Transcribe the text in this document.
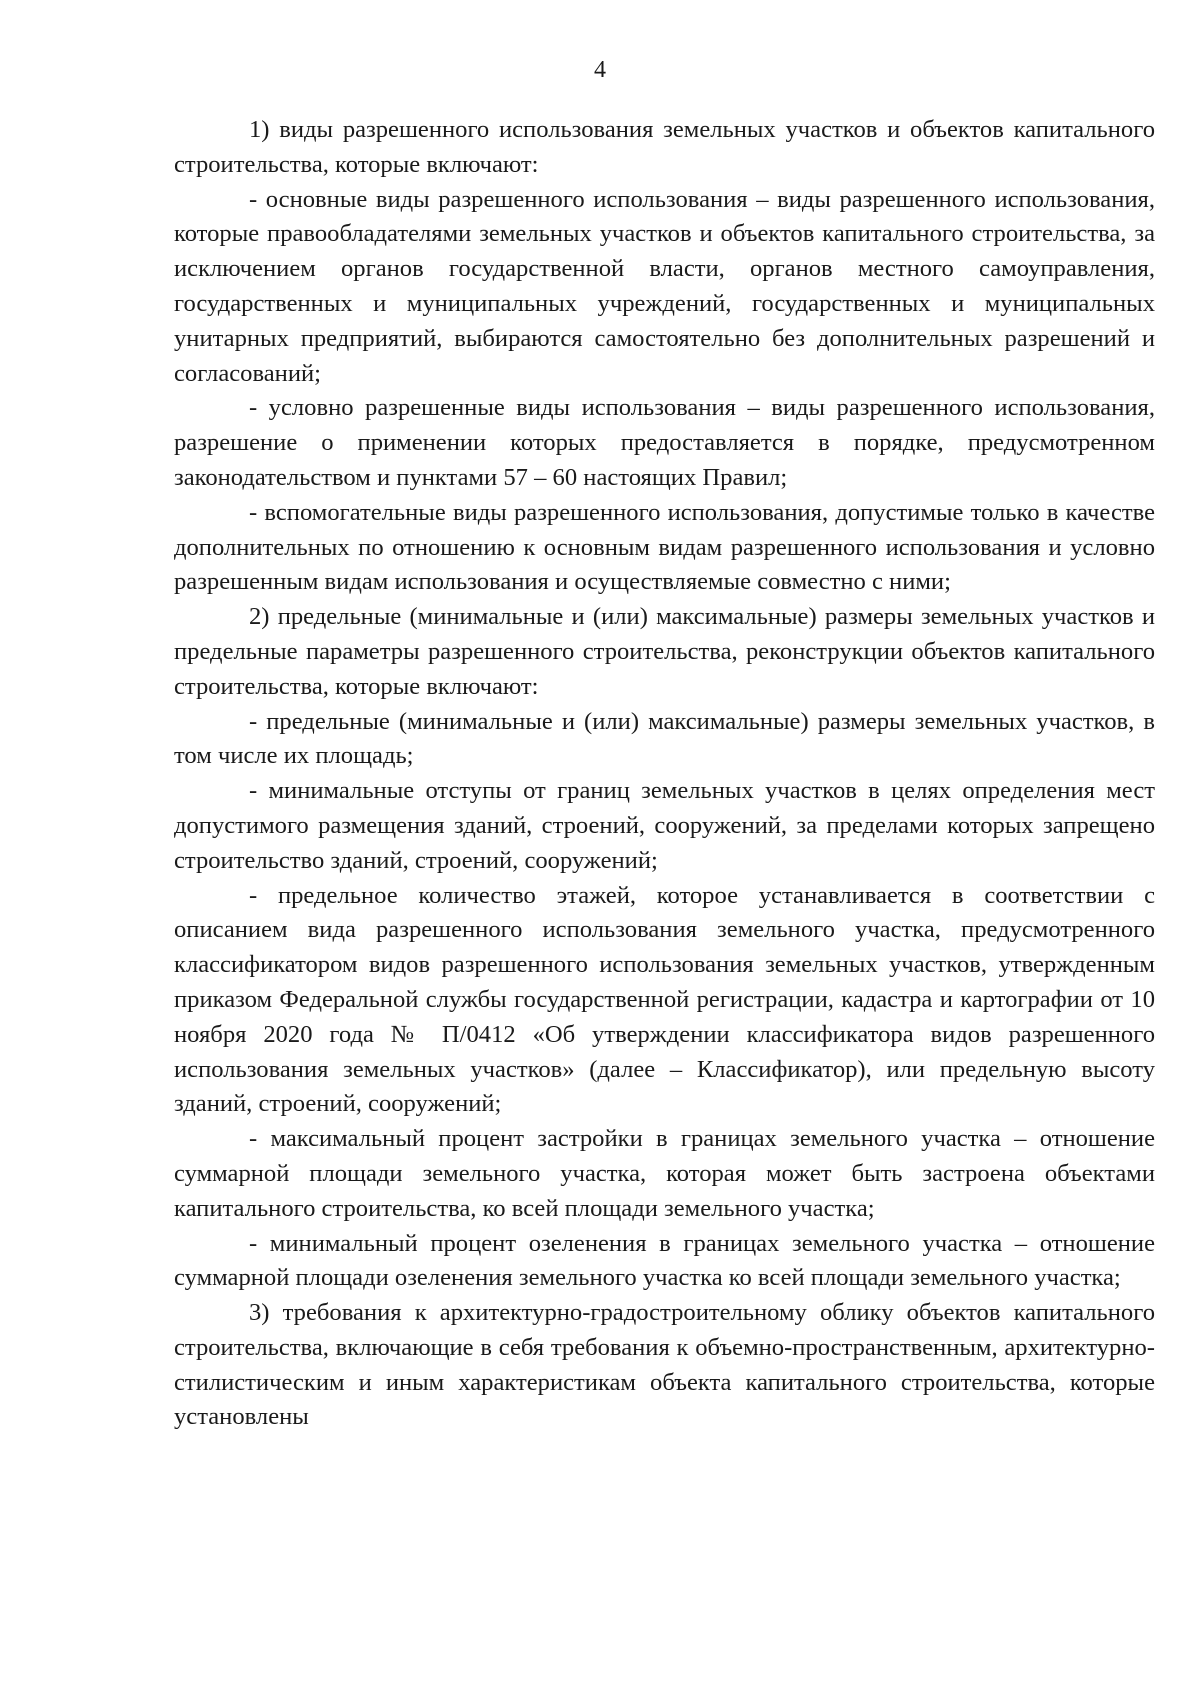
4

1) виды разрешенного использования земельных участков и объектов капитального строительства, которые включают:

- основные виды разрешенного использования – виды разрешенного использования, которые правообладателями земельных участков и объектов капитального строительства, за исключением органов государственной власти, органов местного самоуправления, государственных и муниципальных учреждений, государственных и муниципальных унитарных предприятий, выбираются самостоятельно без дополнительных разрешений и согласований;

- условно разрешенные виды использования – виды разрешенного использования, разрешение о применении которых предоставляется в порядке, предусмотренном законодательством и пунктами 57 – 60 настоящих Правил;

- вспомогательные виды разрешенного использования, допустимые только в качестве дополнительных по отношению к основным видам разрешенного использования и условно разрешенным видам использования и осуществляемые совместно с ними;

2) предельные (минимальные и (или) максимальные) размеры земельных участков и предельные параметры разрешенного строительства, реконструкции объектов капитального строительства, которые включают:

- предельные (минимальные и (или) максимальные) размеры земельных участков, в том числе их площадь;

- минимальные отступы от границ земельных участков в целях определения мест допустимого размещения зданий, строений, сооружений, за пределами которых запрещено строительство зданий, строений, сооружений;

- предельное количество этажей, которое устанавливается в соответствии с описанием вида разрешенного использования земельного участка, предусмотренного классификатором видов разрешенного использования земельных участков, утвержденным приказом Федеральной службы государственной регистрации, кадастра и картографии от 10 ноября 2020 года № П/0412 «Об утверждении классификатора видов разрешенного использования земельных участков» (далее – Классификатор), или предельную высоту зданий, строений, сооружений;

- максимальный процент застройки в границах земельного участка – отношение суммарной площади земельного участка, которая может быть застроена объектами капитального строительства, ко всей площади земельного участка;

- минимальный процент озеленения в границах земельного участка – отношение суммарной площади озеленения земельного участка ко всей площади земельного участка;

3) требования к архитектурно-градостроительному облику объектов капитального строительства, включающие в себя требования к объемно-пространственным, архитектурно-стилистическим и иным характеристикам объекта капитального строительства, которые установлены
